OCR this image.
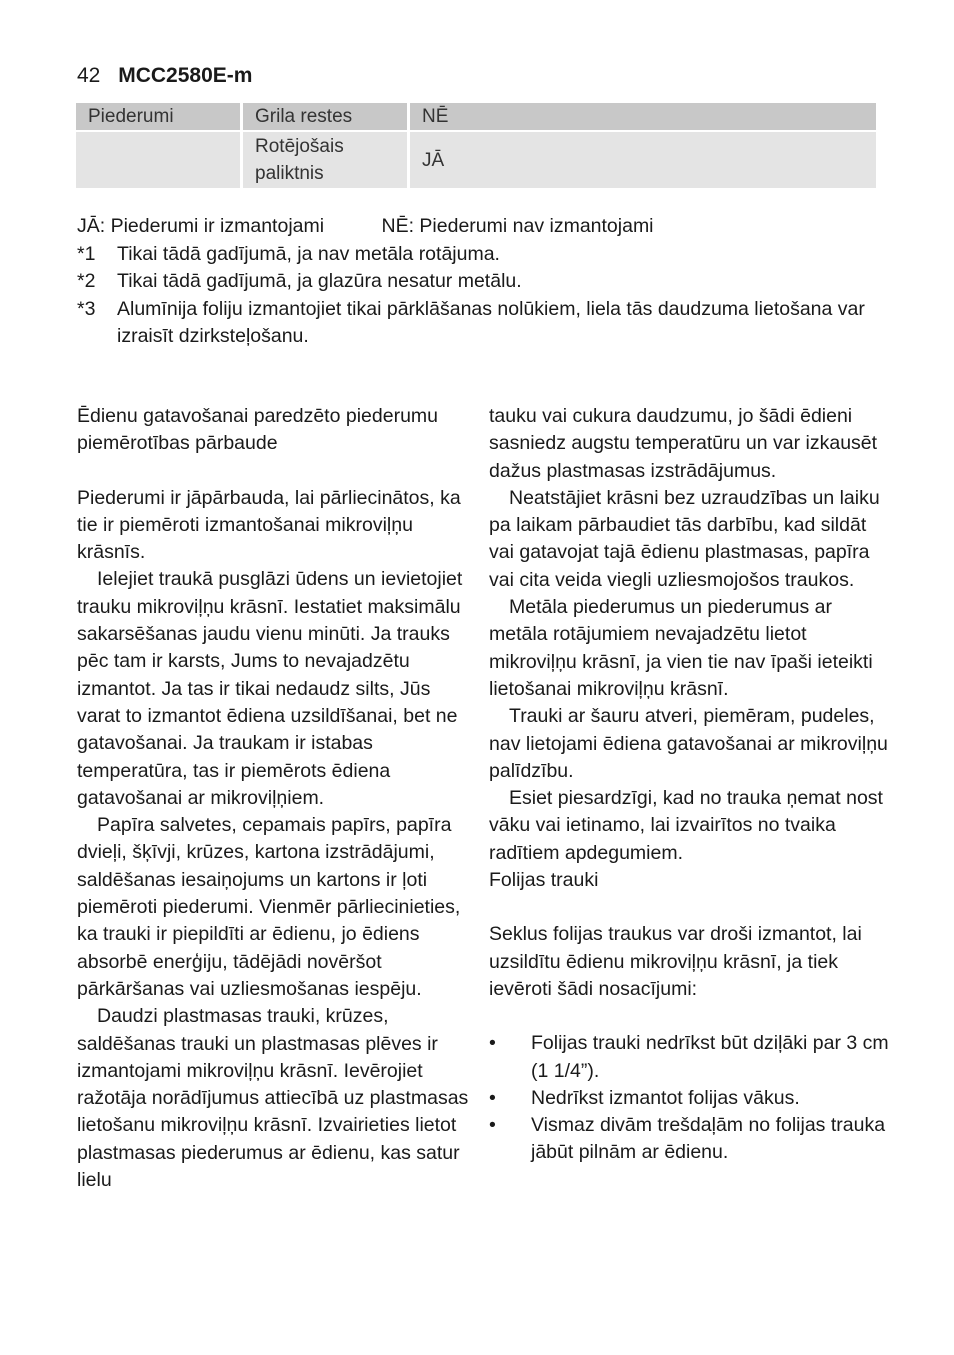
42 MCC2580E-m
Piederumi	Grila restes	NĒ
	Rotējošais paliktnis	JĀ
JĀ: Piederumi ir izmantojami	NĒ: Piederumi nav izmantojami
*1	Tikai tādā gadījumā, ja nav metāla rotājuma.
*2	Tikai tādā gadījumā, ja glazūra nesatur metālu.
*3	Alumīnija foliju izmantojiet tikai pārklāšanas nolūkiem, liela tās daudzuma lietošana var izraisīt dzirksteļošanu.
Ēdienu gatavošanai paredzēto piederumu piemērotības pārbaude

Piederumi ir jāpārbauda, lai pārliecinātos, ka tie ir piemēroti izmantošanai mikroviļņu krāsnīs.

Ielejiet traukā pusglāzi ūdens un ievietojiet trauku mikroviļņu krāsnī. Iestatiet maksimālu sakarsēšanas jaudu vienu minūti. Ja trauks pēc tam ir karsts, Jums to nevajadzētu izmantot. Ja tas ir tikai nedaudz silts, Jūs varat to izmantot ēdiena uzsildīšanai, bet ne gatavošanai. Ja traukam ir istabas temperatūra, tas ir piemērots ēdiena gatavošanai ar mikroviļņiem.

Papīra salvetes, cepamais papīrs, papīra dvieļi, šķīvji, krūzes, kartona izstrādājumi, saldēšanas iesaiņojums un kartons ir ļoti piemēroti piederumi. Vienmēr pārliecinieties, ka trauki ir piepildīti ar ēdienu, jo ēdiens absorbē enerģiju, tādējādi novēršot pārkāršanas vai uzliesmošanas iespēju.

Daudzi plastmasas trauki, krūzes, saldēšanas trauki un plastmasas plēves ir izmantojami mikroviļņu krāsnī. Ievērojiet ražotāja norādījumus attiecībā uz plastmasas lietošanu mikroviļņu krāsnī. Izvairieties lietot plastmasas piederumus ar ēdienu, kas satur lielu

tauku vai cukura daudzumu, jo šādi ēdieni sasniedz augstu temperatūru un var izkausēt dažus plastmasas izstrādājumus.

Neatstājiet krāsni bez uzraudzības un laiku pa laikam pārbaudiet tās darbību, kad sildāt vai gatavojat tajā ēdienu plastmasas, papīra vai cita veida viegli uzliesmojošos traukos.

Metāla piederumus un piederumus ar metāla rotājumiem nevajadzētu lietot mikroviļņu krāsnī, ja vien tie nav īpaši ieteikti lietošanai mikroviļņu krāsnī.

Trauki ar šauru atveri, piemēram, pudeles, nav lietojami ēdiena gatavošanai ar mikroviļņu palīdzību.

Esiet piesardzīgi, kad no trauka ņemat nost vāku vai ietinamo, lai izvairītos no tvaika radītiem apdegumiem.

Folijas trauki

Seklus folijas traukus var droši izmantot, lai uzsildītu ēdienu mikroviļņu krāsnī, ja tiek ievēroti šādi nosacījumi:

•	Folijas trauki nedrīkst būt dziļāki par 3 cm (1 1/4”).
•	Nedrīkst izmantot folijas vākus.
•	Vismaz divām trešdaļām no folijas trauka jābūt pilnām ar ēdienu.
